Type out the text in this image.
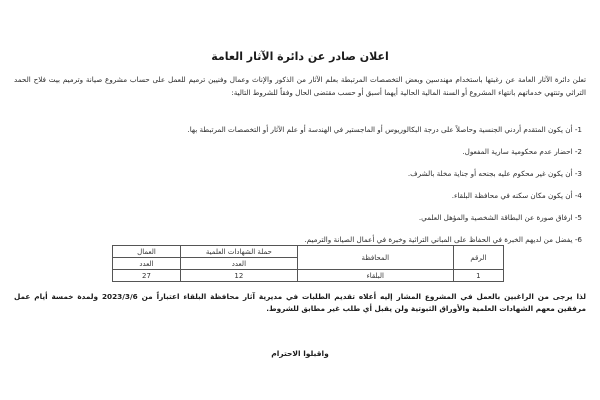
اعلان صادر عن دائرة الآثار العامة

تعلن دائرة الآثار العامة عن رغبتها باستخدام مهندسين وبعض التخصصات المرتبطة بعلم الآثار من الذكور والإناث وعمال وفنيين ترميم للعمل على حساب مشروع صيانة وترميم بيت فلاح الحمد التراثي وتنتهي خدماتهم بانتهاء المشروع أو السنة المالية الحالية أيهما أسبق أو حسب مقتضى الحال وفقاً للشروط التالية:

1- أن يكون المتقدم أردني الجنسية وحاصلاً على درجة البكالوريوس أو الماجستير في الهندسة أو علم الآثار أو التخصصات المرتبطة بها.
2- احضار عدم محكومية سارية المفعول.
3- أن يكون غير محكوم عليه بجنحه أو جناية مخلة بالشرف.
4- أن يكون مكان سكنه في محافظة البلقاء.
5- ارفاق صورة عن البطاقة الشخصية والمؤهل العلمي.
6- يفضل من لديهم الخبرة في الحفاظ على المباني التراثية وخبرة في أعمال الصيانة والترميم.
الرقم	المحافظة	حملة الشهادات العلمية	العمال
		العدد	العدد
1	البلقاء	12	27

لذا يرجى من الراغبين بالعمل في المشروع المشار إليه أعلاه تقديم الطلبات في مديرية آثار محافظة البلقاء اعتباراً من 2023/3/6 ولمدة خمسة أيام عمل مرفقين معهم الشهادات العلمية والأوراق الثبوتية ولن يقبل أي طلب غير مطابق للشروط.

واقبلوا الاحترام
